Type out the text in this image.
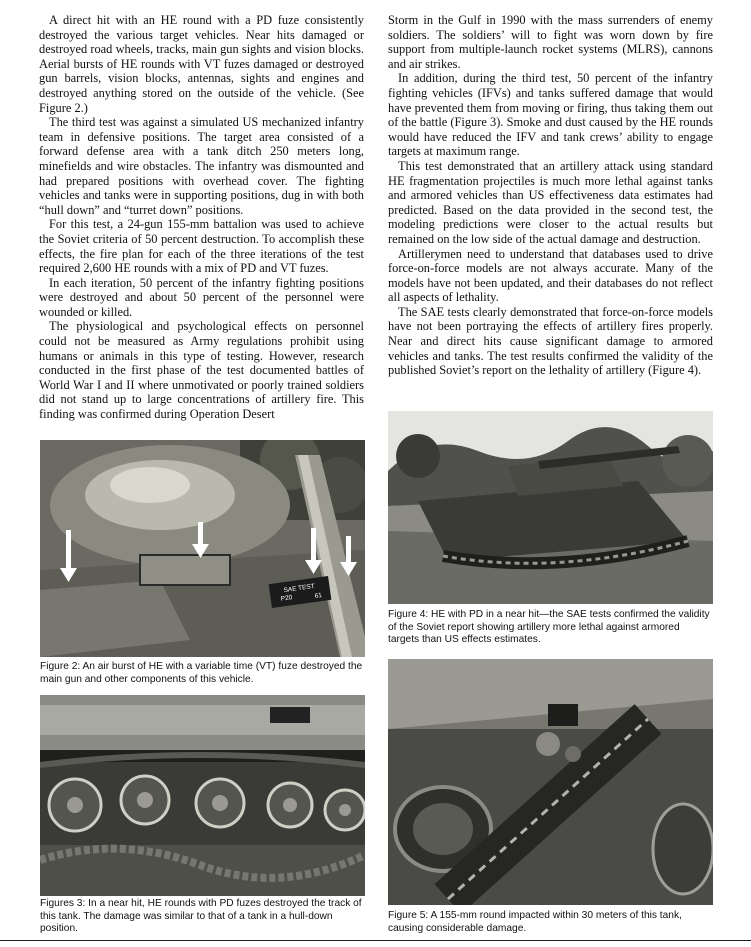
A direct hit with an HE round with a PD fuze consistently destroyed the various target vehicles. Near hits damaged or destroyed road wheels, tracks, main gun sights and vision blocks. Aerial bursts of HE rounds with VT fuzes damaged or destroyed gun barrels, vision blocks, antennas, sights and engines and destroyed anything stored on the outside of the vehicle. (See Figure 2.)

The third test was against a simulated US mechanized infantry team in defensive positions. The target area consisted of a forward defense area with a tank ditch 250 meters long, minefields and wire obstacles. The infantry was dismounted and had prepared positions with overhead cover. The fighting vehicles and tanks were in supporting positions, dug in with both “hull down” and “turret down” positions.

For this test, a 24-gun 155-mm battalion was used to achieve the Soviet criteria of 50 percent destruction. To accomplish these effects, the fire plan for each of the three iterations of the test required 2,600 HE rounds with a mix of PD and VT fuzes.

In each iteration, 50 percent of the infantry fighting positions were destroyed and about 50 percent of the personnel were wounded or killed.

The physiological and psychological effects on personnel could not be measured as Army regulations prohibit using humans or animals in this type of testing. However, research conducted in the first phase of the test documented battles of World War I and II where unmotivated or poorly trained soldiers did not stand up to large concentrations of artillery fire. This finding was confirmed during Operation Desert

Storm in the Gulf in 1990 with the mass surrenders of enemy soldiers. The soldiers’ will to fight was worn down by fire support from multiple-launch rocket systems (MLRS), cannons and air strikes.

In addition, during the third test, 50 percent of the infantry fighting vehicles (IFVs) and tanks suffered damage that would have prevented them from moving or firing, thus taking them out of the battle (Figure 3). Smoke and dust caused by the HE rounds would have reduced the IFV and tank crews’ ability to engage targets at maximum range.

This test demonstrated that an artillery attack using standard HE fragmentation projectiles is much more lethal against tanks and armored vehicles than US effectiveness data estimates had predicted. Based on the data provided in the second test, the modeling predictions were closer to the actual results but remained on the low side of the actual damage and destruction.

Artillerymen need to understand that databases used to drive force-on-force models are not always accurate. Many of the models have not been updated, and their databases do not reflect all aspects of lethality.

The SAE tests clearly demonstrated that force-on-force models have not been portraying the effects of artillery fires properly. Near and direct hits cause significant damage to armored vehicles and tanks. The test results confirmed the validity of the published Soviet’s report on the lethality of artillery (Figure 4).

SAE TEST
P20	61
Figure 2: An air burst of HE with a variable time (VT) fuze destroyed the main gun and other components of this vehicle.
Figures 3: In a near hit, HE rounds with PD fuzes destroyed the track of this tank. The damage was similar to that of a tank in a hull-down position.
Figure 4: HE with PD in a near hit—the SAE tests confirmed the validity of the Soviet report showing artillery more lethal against armored targets than US effects estimates.
Figure 5: A 155-mm round impacted within 30 meters of this tank, causing considerable damage.
